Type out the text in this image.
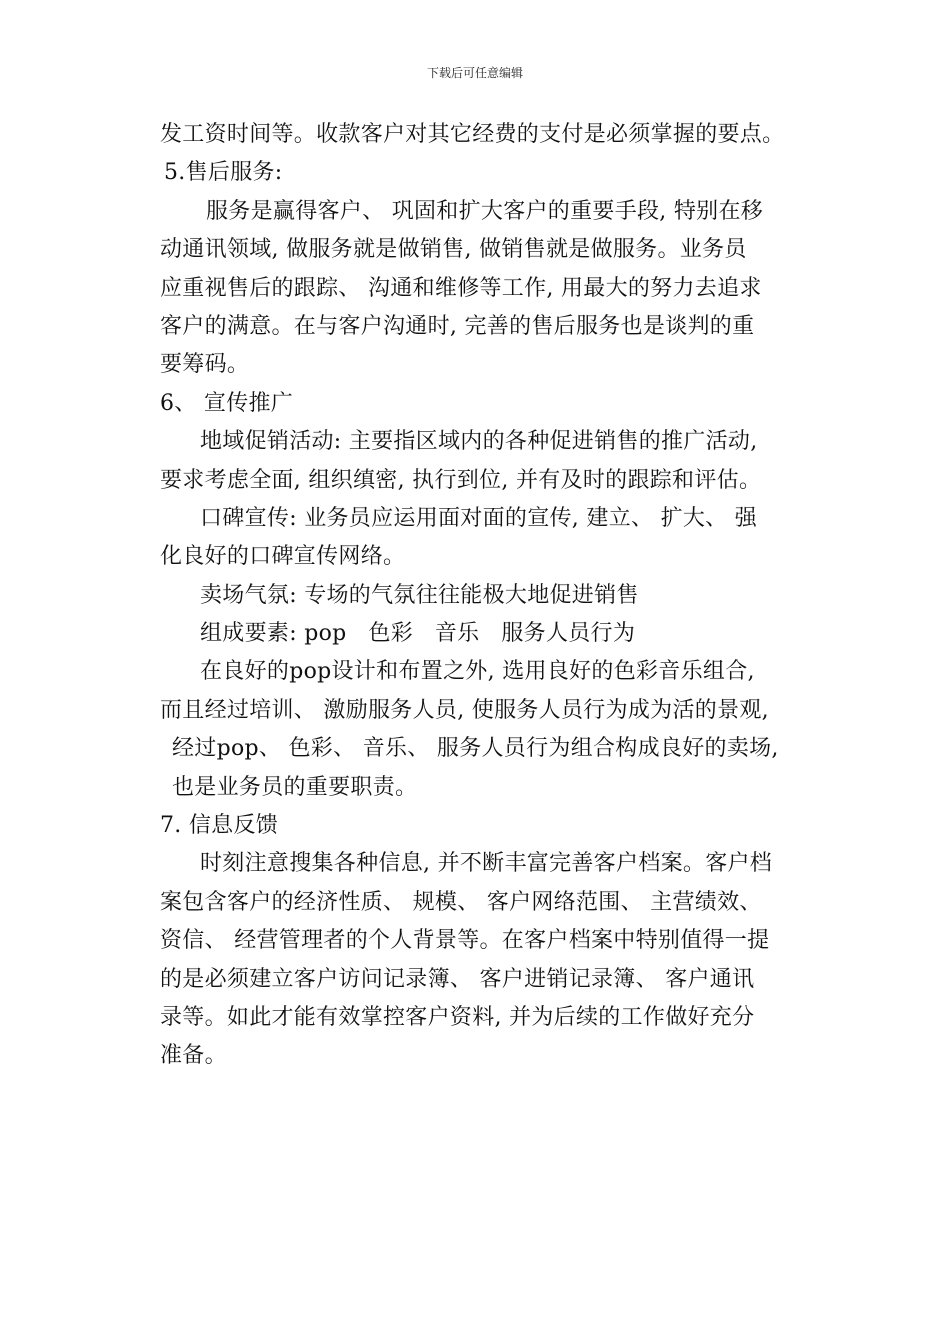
下载后可任意编辑
发工资时间等。收款客户对其它经费的支付是必须掌握的要点。
5.售后服务:
服务是赢得客户、 巩固和扩大客户的重要手段, 特别在移
动通讯领域, 做服务就是做销售, 做销售就是做服务。业务员
应重视售后的跟踪、 沟通和维修等工作, 用最大的努力去追求
客户的满意。在与客户沟通时, 完善的售后服务也是谈判的重
要筹码。
6、 宣传推广
地域促销活动: 主要指区域内的各种促进销售的推广活动,
要求考虑全面, 组织缜密, 执行到位, 并有及时的跟踪和评估。
口碑宣传: 业务员应运用面对面的宣传, 建立、 扩大、 强
化良好的口碑宣传网络。
卖场气氛: 专场的气氛往往能极大地促进销售
组成要素: pop   色彩   音乐   服务人员行为
在良好的pop设计和布置之外, 选用良好的色彩音乐组合,
而且经过培训、 激励服务人员, 使服务人员行为成为活的景观,
经过pop、 色彩、 音乐、 服务人员行为组合构成良好的卖场,
也是业务员的重要职责。
7. 信息反馈
时刻注意搜集各种信息, 并不断丰富完善客户档案。客户档
案包含客户的经济性质、 规模、 客户网络范围、 主营绩效、
资信、 经营管理者的个人背景等。在客户档案中特别值得一提
的是必须建立客户访问记录簿、 客户进销记录簿、 客户通讯
录等。如此才能有效掌控客户资料, 并为后续的工作做好充分
准备。
